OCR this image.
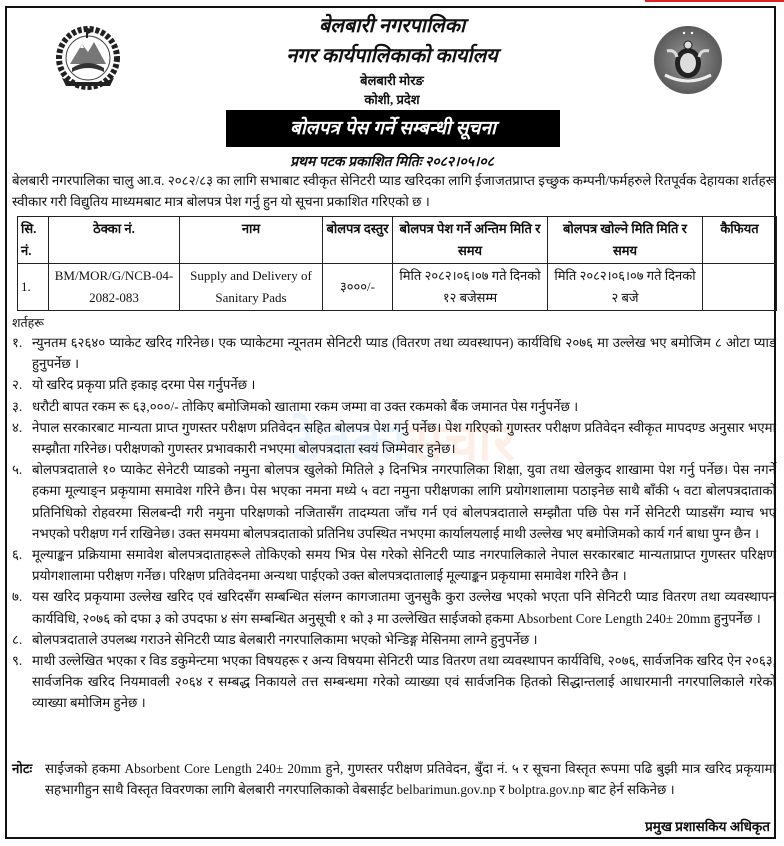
बेलबारी नगरपालिका
नगर कार्यपालिकाको कार्यालय
बेलबारी मोरङ
कोशी, प्रदेश
बोलपत्र पेस गर्ने सम्बन्धी सूचना
प्रथम पटक प्रकाशित मितिः २०८२।०५।०८
बेलबारी नगरपालिका चालु आ.व. २०८२/८३ का लागि सभाबाट स्वीकृत सेनिटरी प्याड खरिदका लागि ईजाजतप्राप्त इच्छुक कम्पनी/फर्महरुले रितपूर्वक देहायका शर्तहरू स्वीकार गरी विद्युतिय माध्यमबाट मात्र बोलपत्र पेश गर्नु हुन यो सूचना प्रकाशित गरिएको छ ।
सि. नं.	ठेक्का नं.	नाम	बोलपत्र दस्तुर	बोलपत्र पेश गर्ने अन्तिम मिति र समय	बोलपत्र खोल्ने मिति मिति र समय	कैफियत
1.	BM/MOR/G/NCB-04-2082-083	Supply and Delivery of Sanitary Pads	३०००/-	मिति २०८२।०६।०७ गते दिनको १२ बजेसम्म	मिति २०८२।०६।०७ गते दिनको २ बजे	
शर्तहरू
ठेक्कासचार
१. न्युनतम ६२६४० प्याकेट खरिद गरिनेछ। एक प्याकेटमा न्यूनतम सेनिटरी प्याड (वितरण तथा व्यवस्थापन) कार्यविधि २०७६ मा उल्लेख भए बमोजिम ८ ओटा प्याड हुनुपर्नेछ ।
२. यो खरिद प्रकृया प्रति इकाइ दरमा पेस गर्नुपर्नेछ ।
३. धरौटी बापत रकम रू ६३,०००/- तोकिए बमोजिमको खातामा रकम जम्मा वा उक्त रकमको बैंक जमानत पेस गर्नुपर्नेछ ।
४. नेपाल सरकारबाट मान्यता प्राप्त गुणस्तर परीक्षण प्रतिवेदन सहित बोलपत्र पेश गर्नु पर्नेछ। पेश गरिएको गुणस्तर परीक्षण प्रतिवेदन स्वीकृत मापदण्ड अनुसार भएमा सम्झौता गरिनेछ। परीक्षणको गुणस्तर प्रभावकारी नभएमा बोलपत्रदाता स्वयं जिम्मेवार हुनेछ।
५. बोलपत्रदाताले १० प्याकेट सेनेटरी प्याडको नमुना बोलपत्र खुलेको मितिले ३ दिनभित्र नगरपालिका शिक्षा, युवा तथा खेलकुद शाखामा पेश गर्नु पर्नेछ। पेस नगर्ने हकमा मूल्याङ्न प्रकृयामा समावेश गरिने छैन। पेस भएका नमना मध्ये ५ वटा नमुना परीक्षणका लागि प्रयोगशालामा पठाइनेछ साथै बाँकी ५ वटा बोलपत्रदाताको प्रतिनिधिको रोहवरमा सिलबन्दी गरी नमुना परिक्षणको नजितासँग तादम्यता जाँच गर्न एवं बोलपत्रदाताले सम्झौता पछि पेस गर्ने सेनिटरी प्याडसँग म्याच भए नभएको परीक्षण गर्न राखिनेछ। उक्त समयमा बोलपत्रदाताको प्रतिनिध उपस्थित नभएमा कार्यालयलाई माथी उल्लेख भए बमोजिमको कार्य गर्न बाधा पुग्न छैन ।
६. मूल्याङ्कन प्रक्रियामा समावेश बोलपत्रदाताहरूले तोकिएको समय भित्र पेस गरेको सेनिटरी प्याड नगरपालिकाले नेपाल सरकारबाट मान्यताप्राप्त गुणस्तर परिक्षण प्रयोगशालामा परीक्षण गर्नेछ। परिक्षण प्रतिवेदनमा अन्यथा पाईएको उक्त बोलपत्रदातालाई मूल्याङ्कन प्रकृयामा समावेश गरिने छैन ।
७. यस खरिद प्रकृयामा उल्लेख खरिद एवं खरिदसँग सम्बन्धित संलग्न कागजातमा जुनसुकै कुरा उल्लेख भएको भएता पनि सेनिटरी प्याड वितरण तथा व्यवस्थापन कार्यविधि, २०७६ को दफा ३ को उपदफा ४ संग सम्बन्धित अनुसूची १ को ३ मा उल्लेखित साईजको हकमा Absorbent Core Length 240± 20mm हुनुपर्नेछ ।
८. बोलपत्रदाताले उपलब्ध गराउने सेनिटरी प्याड बेलबारी नगरपालिकामा भएको भेन्डिङ्ग मेसिनमा लाग्ने हुनुपर्नेछ ।
९. माथी उल्लेखित भएका र विड डकुमेन्टमा भएका विषयहरू र अन्य विषयमा सेनिटरी प्याड वितरण तथा व्यवस्थापन कार्यविधि, २०७६, सार्वजनिक खरिद ऐन २०६३, सार्वजनिक खरिद नियमावली २०६४ र सम्बद्ध निकायले तत्त सम्बन्धमा गरेको व्याख्या एवं सार्वजनिक हितको सिद्धान्तलाई आधारमानी नगरपालिकाले गरेको व्याख्या बमोजिम हुनेछ ।
नोटः साईजको हकमा Absorbent Core Length 240± 20mm हुने, गुणस्तर परीक्षण प्रतिवेदन, बुँदा नं. ५ र सूचना विस्तृत रूपमा पढि बुझी मात्र खरिद प्रकृयामा सहभागीहुन साथै विस्तृत विवरणका लागि बेलबारी नगरपालिकाको वेबसाईट belbarimun.gov.np र bolptra.gov.np बाट हेर्न सकिनेछ ।
प्रमुख प्रशासकिय अधिकृत
